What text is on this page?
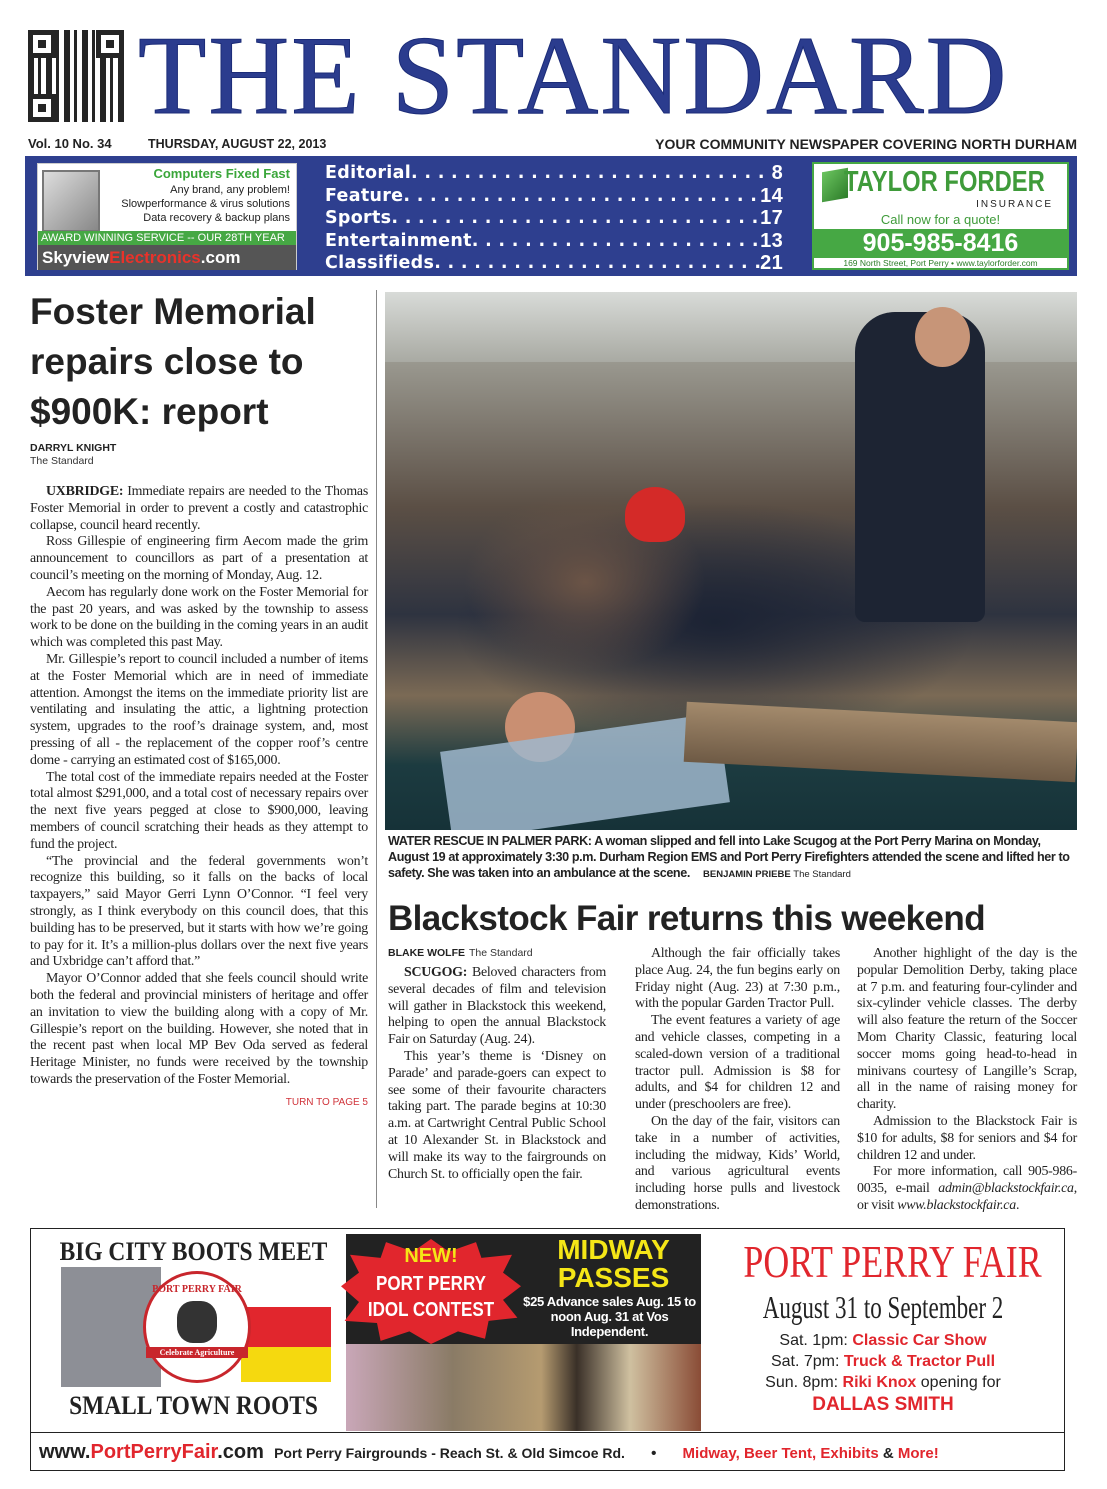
THE STANDARD
Vol. 10 No. 34	THURSDAY, AUGUST 22, 2013	YOUR COMMUNITY NEWSPAPER COVERING NORTH DURHAM
Computers Fixed Fast
Any brand, any problem!
Slowperformance & virus solutions
Data recovery & backup plans
AWARD WINNING SERVICE -- OUR 28TH YEAR
SkyviewElectronics.com
Editorial . . .	8
Feature . . .	14
Sports . . .	17
Entertainment . . .	13
Classifieds . . .	21
TAYLOR FORDER
INSURANCE
Call now for a quote!
905-985-8416
169 North Street, Port Perry • www.taylorforder.com
Foster Memorial repairs close to $900K: report
DARRYL KNIGHT
The Standard

UXBRIDGE: Immediate repairs are needed to the Thomas Foster Memorial in order to prevent a costly and catastrophic collapse, council heard recently.

Ross Gillespie of engineering firm Aecom made the grim announcement to councillors as part of a presentation at council’s meeting on the morning of Monday, Aug. 12.

Aecom has regularly done work on the Foster Memorial for the past 20 years, and was asked by the township to assess work to be done on the building in the coming years in an audit which was completed this past May.

Mr. Gillespie’s report to council included a number of items at the Foster Memorial which are in need of immediate attention. Amongst the items on the immediate priority list are ventilating and insulating the attic, a lightning protection system, upgrades to the roof’s drainage system, and, most pressing of all - the replacement of the copper roof’s centre dome - carrying an estimated cost of $165,000.

The total cost of the immediate repairs needed at the Foster total almost $291,000, and a total cost of necessary repairs over the next five years pegged at close to $900,000, leaving members of council scratching their heads as they attempt to fund the project.

“The provincial and the federal governments won’t recognize this building, so it falls on the backs of local taxpayers,” said Mayor Gerri Lynn O’Connor. “I feel very strongly, as I think everybody on this council does, that this building has to be preserved, but it starts with how we’re going to pay for it. It’s a million-plus dollars over the next five years and Uxbridge can’t afford that.”

Mayor O’Connor added that she feels council should write both the federal and provincial ministers of heritage and offer an invitation to view the building along with a copy of Mr. Gillespie’s report on the building. However, she noted that in the recent past when local MP Bev Oda served as federal Heritage Minister, no funds were received by the township towards the preservation of the Foster Memorial.

TURN TO PAGE 5
WATER RESCUE IN PALMER PARK: A woman slipped and fell into Lake Scugog at the Port Perry Marina on Monday, August 19 at approximately 3:30 p.m. Durham Region EMS and Port Perry Firefighters attended the scene and lifted her to safety. She was taken into an ambulance at the scene. BENJAMIN PRIEBE The Standard
Blackstock Fair returns this weekend
BLAKE WOLFE The Standard

SCUGOG: Beloved characters from several decades of film and television will gather in Blackstock this weekend, helping to open the annual Blackstock Fair on Saturday (Aug. 24).

This year’s theme is ‘Disney on Parade’ and parade-goers can expect to see some of their favourite characters taking part. The parade begins at 10:30 a.m. at Cartwright Central Public School at 10 Alexander St. in Blackstock and will make its way to the fairgrounds on Church St. to officially open the fair.

Although the fair officially takes place Aug. 24, the fun begins early on Friday night (Aug. 23) at 7:30 p.m., with the popular Garden Tractor Pull.

The event features a variety of age and vehicle classes, competing in a scaled-down version of a traditional tractor pull. Admission is $8 for adults, and $4 for children 12 and under (preschoolers are free).

On the day of the fair, visitors can take in a number of activities, including the midway, Kids’ World, and various agricultural events including horse pulls and livestock demonstrations.

Another highlight of the day is the popular Demolition Derby, taking place at 7 p.m. and featuring four-cylinder and six-cylinder vehicle classes. The derby will also feature the return of the Soccer Mom Charity Classic, featuring local soccer moms going head-to-head in minivans courtesy of Langille’s Scrap, all in the name of raising money for charity.

Admission to the Blackstock Fair is $10 for adults, $8 for seniors and $4 for children 12 and under.

For more information, call 905-986-0035, e-mail admin@blackstockfair.ca, or visit www.blackstockfair.ca.

BIG CITY BOOTS MEET
PORT PERRY FAIR
Celebrate Agriculture
SMALL TOWN ROOTS
NEW!
PORT PERRY IDOL CONTEST
MIDWAY PASSES
$25 Advance sales Aug. 15 to noon Aug. 31 at Vos Independent.
PORT PERRY FAIR
August 31 to September 2
Sat. 1pm: Classic Car Show
Sat. 7pm: Truck & Tractor Pull
Sun. 8pm: Riki Knox opening for
DALLAS SMITH
www.PortPerryFair.com Port Perry Fairgrounds - Reach St. & Old Simcoe Rd. • Midway, Beer Tent, Exhibits & More!
